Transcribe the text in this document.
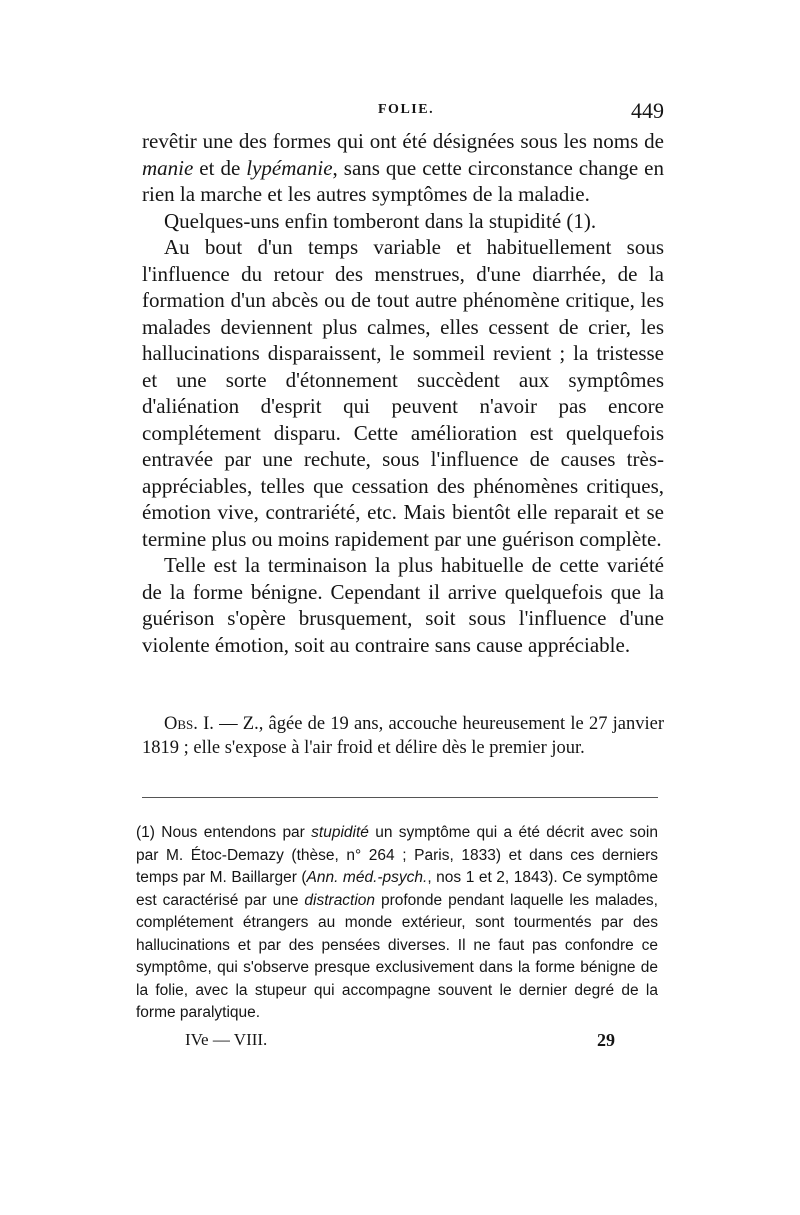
FOLIE.	449

revêtir une des formes qui ont été désignées sous les noms de manie et de lypémanie, sans que cette circonstance change en rien la marche et les autres symptômes de la maladie.

Quelques-uns enfin tomberont dans la stupidité (1).

Au bout d'un temps variable et habituellement sous l'influence du retour des menstrues, d'une diarrhée, de la formation d'un abcès ou de tout autre phénomène critique, les malades deviennent plus calmes, elles cessent de crier, les hallucinations disparaissent, le sommeil revient ; la tristesse et une sorte d'étonnement succèdent aux symptômes d'aliénation d'esprit qui peuvent n'avoir pas encore complétement disparu. Cette amélioration est quelquefois entravée par une rechute, sous l'influence de causes très-appréciables, telles que cessation des phénomènes critiques, émotion vive, contrariété, etc. Mais bientôt elle reparait et se termine plus ou moins rapidement par une guérison complète.

Telle est la terminaison la plus habituelle de cette variété de la forme bénigne. Cependant il arrive quelquefois que la guérison s'opère brusquement, soit sous l'influence d'une violente émotion, soit au contraire sans cause appréciable.

Obs. I. — Z., âgée de 19 ans, accouche heureusement le 27 janvier 1819 ; elle s'expose à l'air froid et délire dès le premier jour.

(1) Nous entendons par stupidité un symptôme qui a été décrit avec soin par M. Étoc-Demazy (thèse, n° 264 ; Paris, 1833) et dans ces derniers temps par M. Baillarger (Ann. méd.-psych., nos 1 et 2, 1843). Ce symptôme est caractérisé par une distraction profonde pendant laquelle les malades, complétement étrangers au monde extérieur, sont tourmentés par des hallucinations et par des pensées diverses. Il ne faut pas confondre ce symptôme, qui s'observe presque exclusivement dans la forme bénigne de la folie, avec la stupeur qui accompagne souvent le dernier degré de la forme paralytique.

IVe — VIII.	29
